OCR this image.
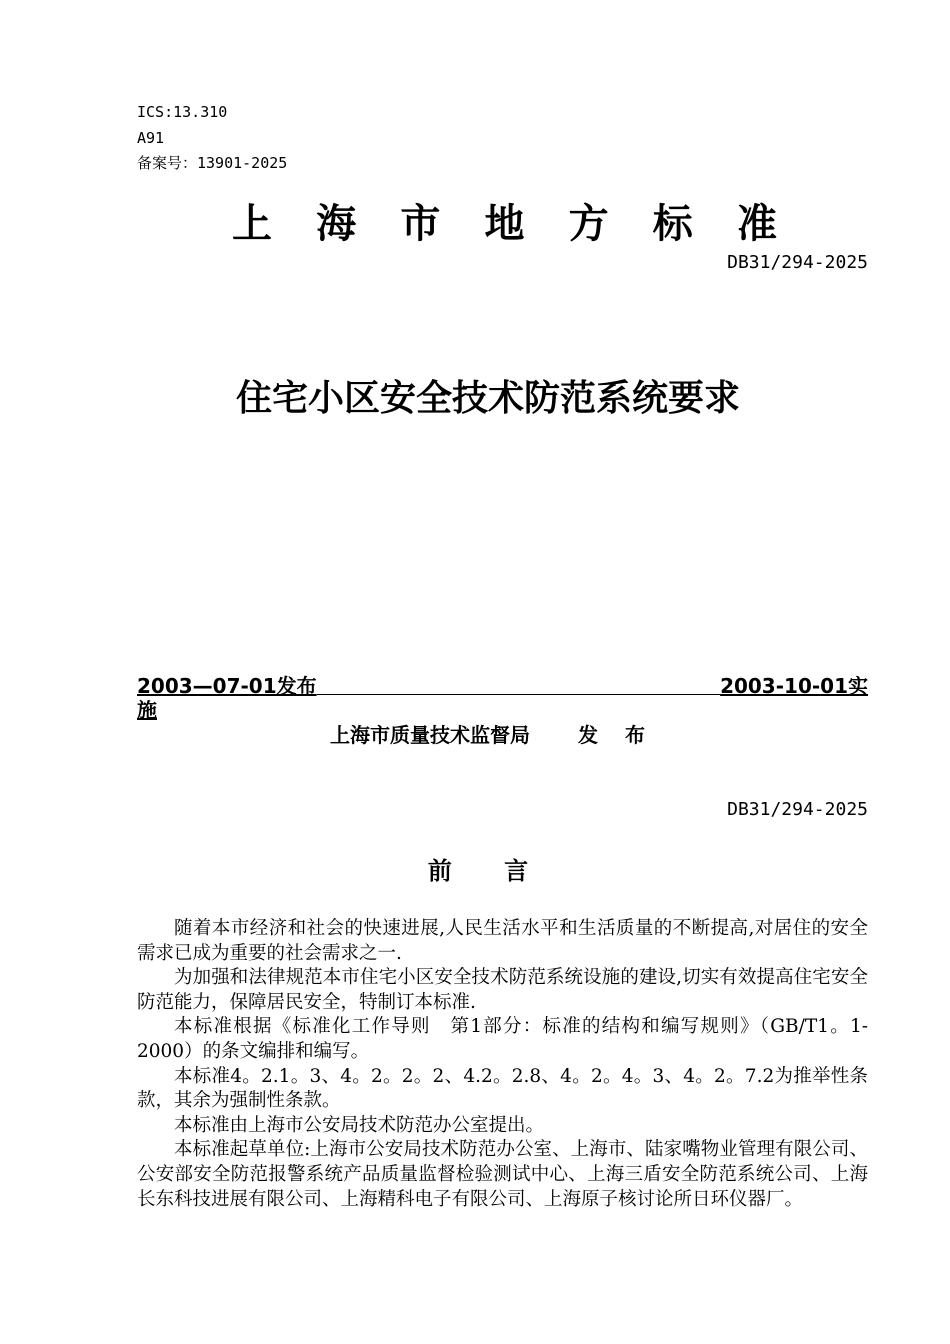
ICS:13.310
A91
备案号：13901-2025
上 海 市 地 方 标 准
DB31/294-2025
住宅小区安全技术防范系统要求
2003—07-01发布	2003-10-01实
施
上海市质量技术监督局 发 布
DB31/294-2025
前 言

随着本市经济和社会的快速进展,人民生活水平和生活质量的不断提高,对居住的安全需求已成为重要的社会需求之一.

为加强和法律规范本市住宅小区安全技术防范系统设施的建设,切实有效提高住宅安全防范能力，保障居民安全，特制订本标准.

本标准根据《标准化工作导则　第1部分：标准的结构和编写规则》（GB/T1。1-2000）的条文编排和编写。

本标准4。2.1。3、4。2。2。2、4.2。2.8、4。2。4。3、4。2。7.2为推举性条款，其余为强制性条款。

本标准由上海市公安局技术防范办公室提出。

本标准起草单位:上海市公安局技术防范办公室、上海市、陆家嘴物业管理有限公司、公安部安全防范报警系统产品质量监督检验测试中心、上海三盾安全防范系统公司、上海长东科技进展有限公司、上海精科电子有限公司、上海原子核讨论所日环仪器厂。
